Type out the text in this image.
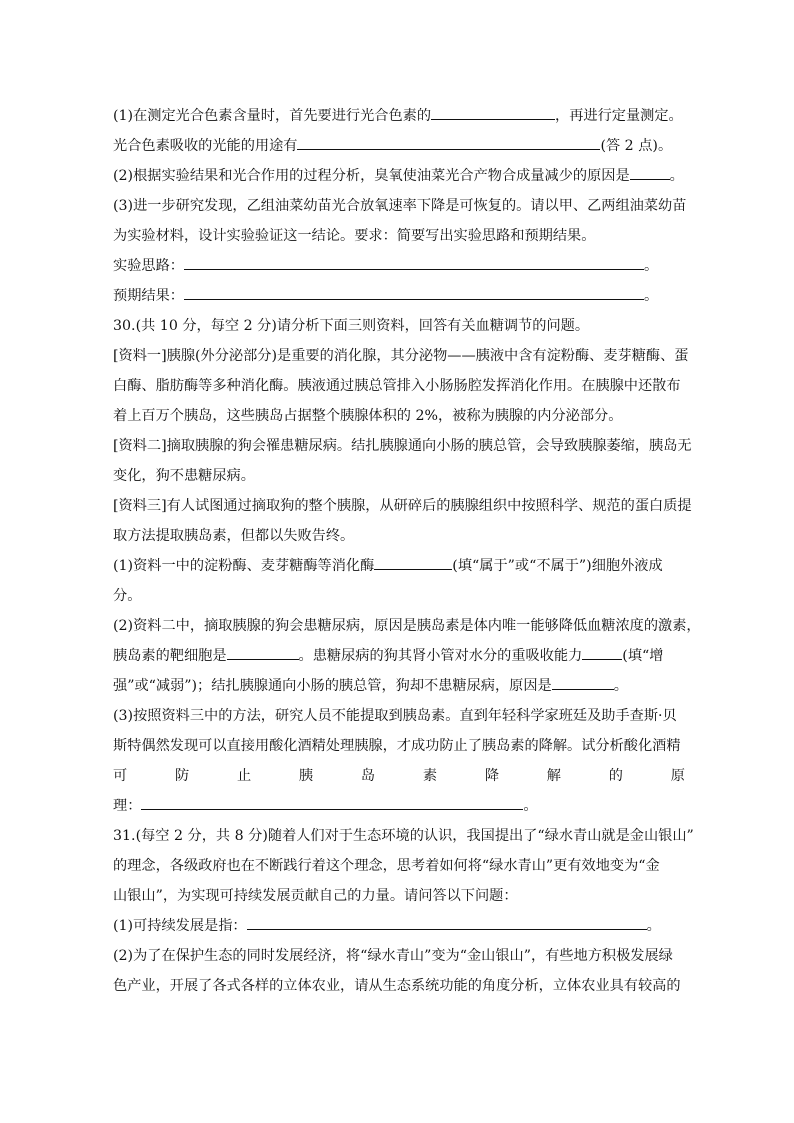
(1)在测定光合色素含量时，首先要进行光合色素的	，再进行定量测定。
光合色素吸收的光能的用途有	(答 2 点)。
(2)根据实验结果和光合作用的过程分析，臭氧使油菜光合产物合成量减少的原因是	。
(3)进一步研究发现，乙组油菜幼苗光合放氧速率下降是可恢复的。请以甲、乙两组油菜幼苗
为实验材料，设计实验验证这一结论。要求：简要写出实验思路和预期结果。
实验思路：	。
预期结果：	。
30.(共 10 分，每空 2 分)请分析下面三则资料，回答有关血糖调节的问题。
[资料一]胰腺(外分泌部分)是重要的消化腺，其分泌物——胰液中含有淀粉酶、麦芽糖酶、蛋
白酶、脂肪酶等多种消化酶。胰液通过胰总管排入小肠肠腔发挥消化作用。在胰腺中还散布
着上百万个胰岛，这些胰岛占据整个胰腺体积的 2%，被称为胰腺的内分泌部分。
[资料二]摘取胰腺的狗会罹患糖尿病。结扎胰腺通向小肠的胰总管，会导致胰腺萎缩，胰岛无
变化，狗不患糖尿病。
[资料三]有人试图通过摘取狗的整个胰腺，从研碎后的胰腺组织中按照科学、规范的蛋白质提
取方法提取胰岛素，但都以失败告终。
(1)资料一中的淀粉酶、麦芽糖酶等消化酶	(填“属于”或“不属于”)细胞外液成
分。
(2)资料二中，摘取胰腺的狗会患糖尿病，原因是胰岛素是体内唯一能够降低血糖浓度的激素，
胰岛素的靶细胞是	。患糖尿病的狗其肾小管对水分的重吸收能力	(填“增
强”或“减弱”)；结扎胰腺通向小肠的胰总管，狗却不患糖尿病，原因是	。
(3)按照资料三中的方法，研究人员不能提取到胰岛素。直到年轻科学家班廷及助手查斯·贝
斯特偶然发现可以直接用酸化酒精处理胰腺，才成功防止了胰岛素的降解。试分析酸化酒精
可	防	止	胰	岛	素	降	解	的	原
理：	。
31.(每空 2 分，共 8 分)随着人们对于生态环境的认识，我国提出了“绿水青山就是金山银山”
的理念，各级政府也在不断践行着这个理念，思考着如何将“绿水青山”更有效地变为“金
山银山”，为实现可持续发展贡献自己的力量。请问答以下问题：
(1)可持续发展是指：	。
(2)为了在保护生态的同时发展经济，将“绿水青山”变为“金山银山”，有些地方积极发展绿
色产业，开展了各式各样的立体农业，请从生态系统功能的角度分析，立体农业具有较高的
